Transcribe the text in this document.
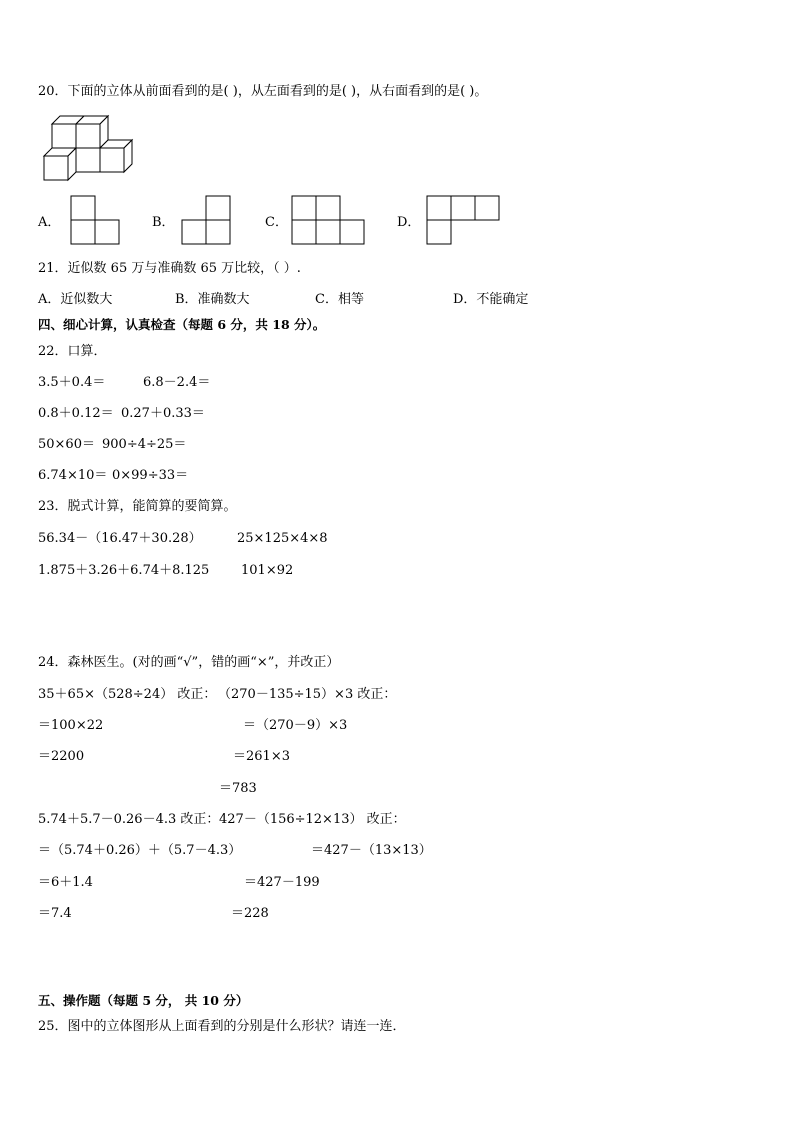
20．下面的立体从前面看到的是( )，从左面看到的是( )，从右面看到的是( )。
A．	B．	C．	D．
21．近似数 65 万与准确数 65 万比较，（ ）.
A．近似数大	B．准确数大	C．相等	D．不能确定
四、细心计算，认真检查（每题 6 分，共 18 分）。
22．口算．
3.5＋0.4＝	6.8－2.4＝
0.8＋0.12＝ 0.27＋0.33＝
50×60＝ 900÷4÷25＝
6.74×10＝ 0×99÷33＝
23．脱式计算，能简算的要简算。
56.34－（16.47＋30.28）	25×125×4×8
1.875＋3.26＋6.74＋8.125 101×92
24．森林医生。(对的画“√”，错的画“×”，并改正）
35＋65×（528÷24） 改正：
＝100×22
＝2200
5.74＋5.7－0.26－4.3 改正：
＝（5.74＋0.26）＋（5.7－4.3）
＝6＋1.4
＝7.4
（270－135÷15）×3 改正：
＝（270－9）×3
＝261×3
＝783
427－（156÷12×13） 改正：
＝427－（13×13）
＝427－199
＝228
五、操作题（每题 5 分， 共 10 分）
25．图中的立体图形从上面看到的分别是什么形状？请连一连．
